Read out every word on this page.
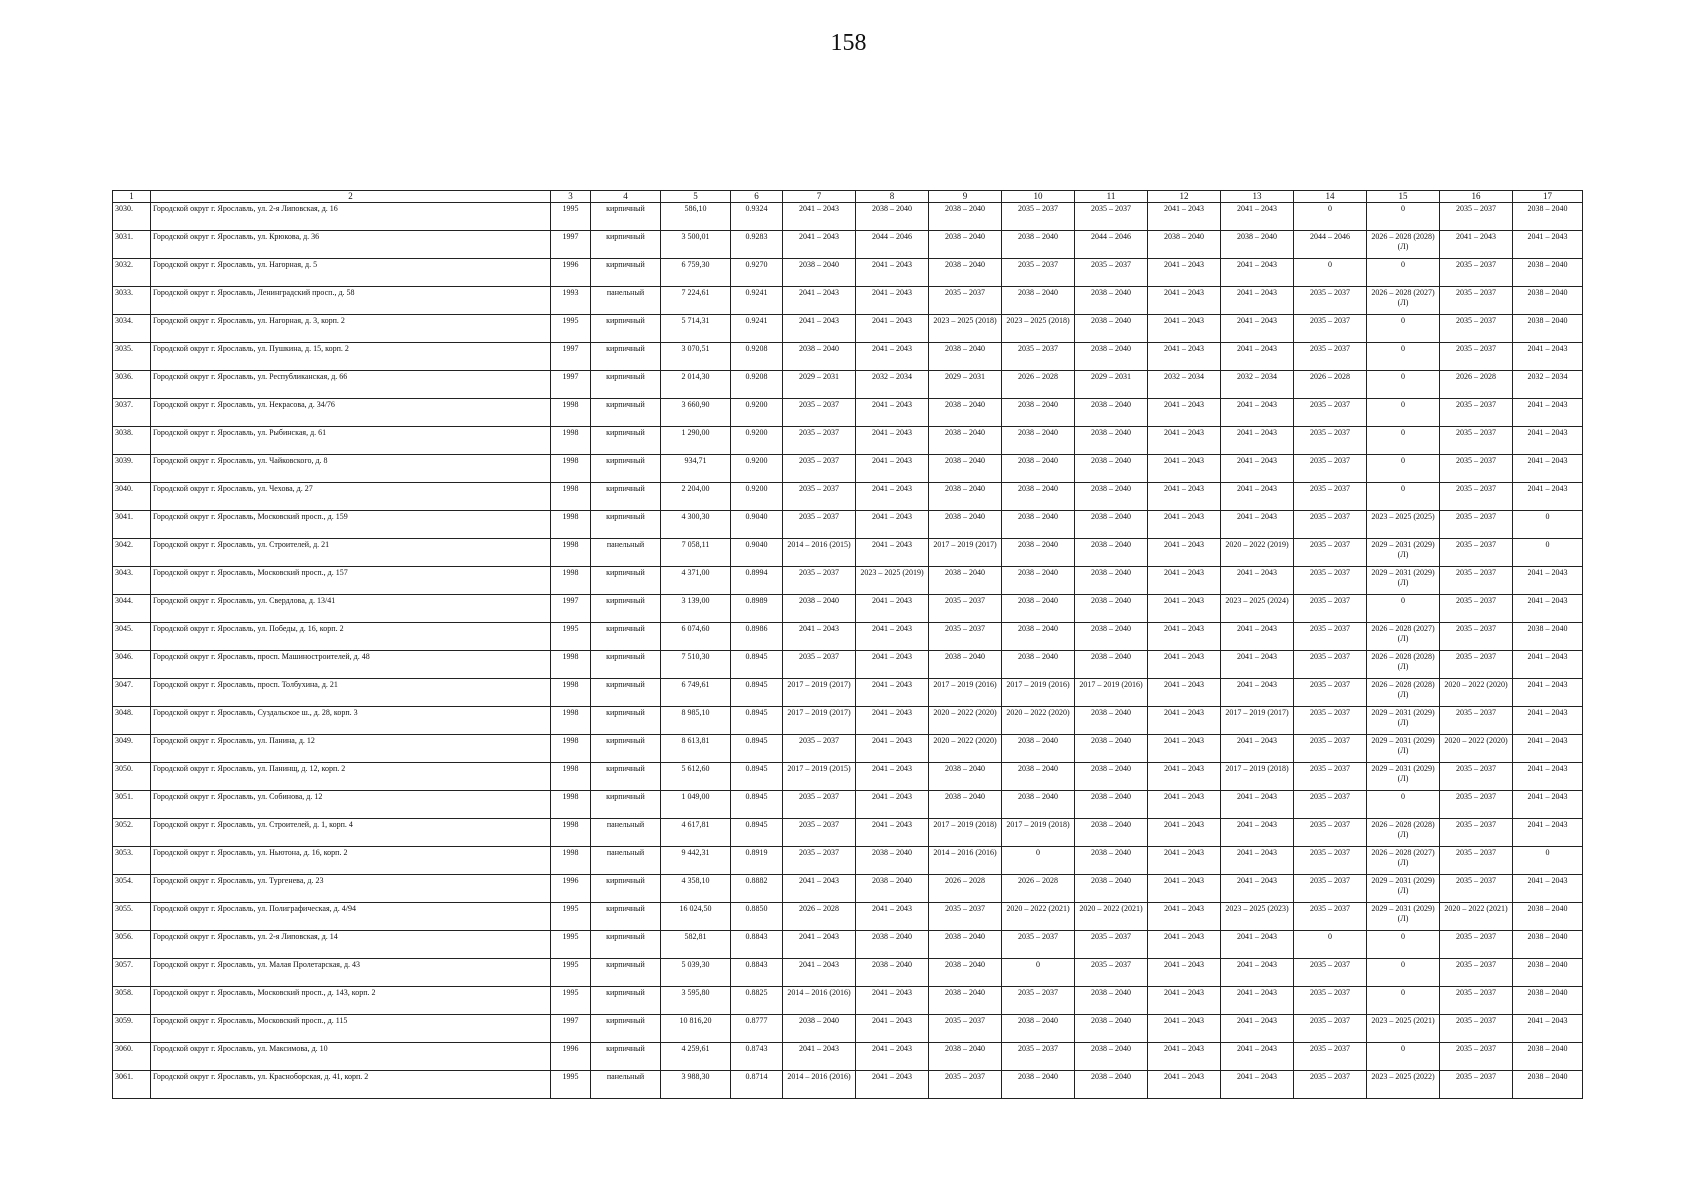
158
1	2	3	4	5	6	7	8	9	10	11	12	13	14	15	16	17
3030.	Городской округ г. Ярославль, ул. 2-я Липовская, д. 16	1995	кирпичный	586,10	0.9324	2041 – 2043	2038 – 2040	2038 – 2040	2035 – 2037	2035 – 2037	2041 – 2043	2041 – 2043	0	0	2035 – 2037	2038 – 2040
3031.	Городской округ г. Ярославль, ул. Крюкова, д. 36	1997	кирпичный	3 500,01	0.9283	2041 – 2043	2044 – 2046	2038 – 2040	2038 – 2040	2044 – 2046	2038 – 2040	2038 – 2040	2044 – 2046	2026 – 2028 (2028) (Л)	2041 – 2043	2041 – 2043
3032.	Городской округ г. Ярославль, ул. Нагорная, д. 5	1996	кирпичный	6 759,30	0.9270	2038 – 2040	2041 – 2043	2038 – 2040	2035 – 2037	2035 – 2037	2041 – 2043	2041 – 2043	0	0	2035 – 2037	2038 – 2040
3033.	Городской округ г. Ярославль, Ленинградский просп., д. 58	1993	панельный	7 224,61	0.9241	2041 – 2043	2041 – 2043	2035 – 2037	2038 – 2040	2038 – 2040	2041 – 2043	2041 – 2043	2035 – 2037	2026 – 2028 (2027) (Л)	2035 – 2037	2038 – 2040
3034.	Городской округ г. Ярославль, ул. Нагорная, д. 3, корп. 2	1995	кирпичный	5 714,31	0.9241	2041 – 2043	2041 – 2043	2023 – 2025 (2018)	2023 – 2025 (2018)	2038 – 2040	2041 – 2043	2041 – 2043	2035 – 2037	0	2035 – 2037	2038 – 2040
3035.	Городской округ г. Ярославль, ул. Пушкина, д. 15, корп. 2	1997	кирпичный	3 070,51	0.9208	2038 – 2040	2041 – 2043	2038 – 2040	2035 – 2037	2038 – 2040	2041 – 2043	2041 – 2043	2035 – 2037	0	2035 – 2037	2041 – 2043
3036.	Городской округ г. Ярославль, ул. Республиканская, д. 66	1997	кирпичный	2 014,30	0.9208	2029 – 2031	2032 – 2034	2029 – 2031	2026 – 2028	2029 – 2031	2032 – 2034	2032 – 2034	2026 – 2028	0	2026 – 2028	2032 – 2034
3037.	Городской округ г. Ярославль, ул. Некрасова, д. 34/76	1998	кирпичный	3 660,90	0.9200	2035 – 2037	2041 – 2043	2038 – 2040	2038 – 2040	2038 – 2040	2041 – 2043	2041 – 2043	2035 – 2037	0	2035 – 2037	2041 – 2043
3038.	Городской округ г. Ярославль, ул. Рыбинская, д. 61	1998	кирпичный	1 290,00	0.9200	2035 – 2037	2041 – 2043	2038 – 2040	2038 – 2040	2038 – 2040	2041 – 2043	2041 – 2043	2035 – 2037	0	2035 – 2037	2041 – 2043
3039.	Городской округ г. Ярославль, ул. Чайковского, д. 8	1998	кирпичный	934,71	0.9200	2035 – 2037	2041 – 2043	2038 – 2040	2038 – 2040	2038 – 2040	2041 – 2043	2041 – 2043	2035 – 2037	0	2035 – 2037	2041 – 2043
3040.	Городской округ г. Ярославль, ул. Чехова, д. 27	1998	кирпичный	2 204,00	0.9200	2035 – 2037	2041 – 2043	2038 – 2040	2038 – 2040	2038 – 2040	2041 – 2043	2041 – 2043	2035 – 2037	0	2035 – 2037	2041 – 2043
3041.	Городской округ г. Ярославль, Московский просп., д. 159	1998	кирпичный	4 300,30	0.9040	2035 – 2037	2041 – 2043	2038 – 2040	2038 – 2040	2038 – 2040	2041 – 2043	2041 – 2043	2035 – 2037	2023 – 2025 (2025)	2035 – 2037	0
3042.	Городской округ г. Ярославль, ул. Строителей, д. 21	1998	панельный	7 058,11	0.9040	2014 – 2016 (2015)	2041 – 2043	2017 – 2019 (2017)	2038 – 2040	2038 – 2040	2041 – 2043	2020 – 2022 (2019)	2035 – 2037	2029 – 2031 (2029) (Л)	2035 – 2037	0
3043.	Городской округ г. Ярославль, Московский просп., д. 157	1998	кирпичный	4 371,00	0.8994	2035 – 2037	2023 – 2025 (2019)	2038 – 2040	2038 – 2040	2038 – 2040	2041 – 2043	2041 – 2043	2035 – 2037	2029 – 2031 (2029) (Л)	2035 – 2037	2041 – 2043
3044.	Городской округ г. Ярославль, ул. Свердлова, д. 13/41	1997	кирпичный	3 139,00	0.8989	2038 – 2040	2041 – 2043	2035 – 2037	2038 – 2040	2038 – 2040	2041 – 2043	2023 – 2025 (2024)	2035 – 2037	0	2035 – 2037	2041 – 2043
3045.	Городской округ г. Ярославль, ул. Победы, д. 16, корп. 2	1995	кирпичный	6 074,60	0.8986	2041 – 2043	2041 – 2043	2035 – 2037	2038 – 2040	2038 – 2040	2041 – 2043	2041 – 2043	2035 – 2037	2026 – 2028 (2027) (Л)	2035 – 2037	2038 – 2040
3046.	Городской округ г. Ярославль, просп. Машиностроителей, д. 48	1998	кирпичный	7 510,30	0.8945	2035 – 2037	2041 – 2043	2038 – 2040	2038 – 2040	2038 – 2040	2041 – 2043	2041 – 2043	2035 – 2037	2026 – 2028 (2028) (Л)	2035 – 2037	2041 – 2043
3047.	Городской округ г. Ярославль, просп. Толбухина, д. 21	1998	кирпичный	6 749,61	0.8945	2017 – 2019 (2017)	2041 – 2043	2017 – 2019 (2016)	2017 – 2019 (2016)	2017 – 2019 (2016)	2041 – 2043	2041 – 2043	2035 – 2037	2026 – 2028 (2028) (Л)	2020 – 2022 (2020)	2041 – 2043
3048.	Городской округ г. Ярославль, Суздальское ш., д. 28, корп. 3	1998	кирпичный	8 985,10	0.8945	2017 – 2019 (2017)	2041 – 2043	2020 – 2022 (2020)	2020 – 2022 (2020)	2038 – 2040	2041 – 2043	2017 – 2019 (2017)	2035 – 2037	2029 – 2031 (2029) (Л)	2035 – 2037	2041 – 2043
3049.	Городской округ г. Ярославль, ул. Панина, д. 12	1998	кирпичный	8 613,81	0.8945	2035 – 2037	2041 – 2043	2020 – 2022 (2020)	2038 – 2040	2038 – 2040	2041 – 2043	2041 – 2043	2035 – 2037	2029 – 2031 (2029) (Л)	2020 – 2022 (2020)	2041 – 2043
3050.	Городской округ г. Ярославль, ул. Панинщ, д. 12, корп. 2	1998	кирпичный	5 612,60	0.8945	2017 – 2019 (2015)	2041 – 2043	2038 – 2040	2038 – 2040	2038 – 2040	2041 – 2043	2017 – 2019 (2018)	2035 – 2037	2029 – 2031 (2029) (Л)	2035 – 2037	2041 – 2043
3051.	Городской округ г. Ярославль, ул. Собинова, д. 12	1998	кирпичный	1 049,00	0.8945	2035 – 2037	2041 – 2043	2038 – 2040	2038 – 2040	2038 – 2040	2041 – 2043	2041 – 2043	2035 – 2037	0	2035 – 2037	2041 – 2043
3052.	Городской округ г. Ярославль, ул. Строителей, д. 1, корп. 4	1998	панельный	4 617,81	0.8945	2035 – 2037	2041 – 2043	2017 – 2019 (2018)	2017 – 2019 (2018)	2038 – 2040	2041 – 2043	2041 – 2043	2035 – 2037	2026 – 2028 (2028) (Л)	2035 – 2037	2041 – 2043
3053.	Городской округ г. Ярославль, ул. Ньютона, д. 16, корп. 2	1998	панельный	9 442,31	0.8919	2035 – 2037	2038 – 2040	2014 – 2016 (2016)	0	2038 – 2040	2041 – 2043	2041 – 2043	2035 – 2037	2026 – 2028 (2027) (Л)	2035 – 2037	0
3054.	Городской округ г. Ярославль, ул. Тургенева, д. 23	1996	кирпичный	4 358,10	0.8882	2041 – 2043	2038 – 2040	2026 – 2028	2026 – 2028	2038 – 2040	2041 – 2043	2041 – 2043	2035 – 2037	2029 – 2031 (2029) (Л)	2035 – 2037	2041 – 2043
3055.	Городской округ г. Ярославль, ул. Полиграфическая, д. 4/94	1995	кирпичный	16 024,50	0.8850	2026 – 2028	2041 – 2043	2035 – 2037	2020 – 2022 (2021)	2020 – 2022 (2021)	2041 – 2043	2023 – 2025 (2023)	2035 – 2037	2029 – 2031 (2029) (Л)	2020 – 2022 (2021)	2038 – 2040
3056.	Городской округ г. Ярославль, ул. 2-я Липовская, д. 14	1995	кирпичный	582,81	0.8843	2041 – 2043	2038 – 2040	2038 – 2040	2035 – 2037	2035 – 2037	2041 – 2043	2041 – 2043	0	0	2035 – 2037	2038 – 2040
3057.	Городской округ г. Ярославль, ул. Малая Пролетарская, д. 43	1995	кирпичный	5 039,30	0.8843	2041 – 2043	2038 – 2040	2038 – 2040	0	2035 – 2037	2041 – 2043	2041 – 2043	2035 – 2037	0	2035 – 2037	2038 – 2040
3058.	Городской округ г. Ярославль, Московский просп., д. 143, корп. 2	1995	кирпичный	3 595,80	0.8825	2014 – 2016 (2016)	2041 – 2043	2038 – 2040	2035 – 2037	2038 – 2040	2041 – 2043	2041 – 2043	2035 – 2037	0	2035 – 2037	2038 – 2040
3059.	Городской округ г. Ярославль, Московский просп., д. 115	1997	кирпичный	10 816,20	0.8777	2038 – 2040	2041 – 2043	2035 – 2037	2038 – 2040	2038 – 2040	2041 – 2043	2041 – 2043	2035 – 2037	2023 – 2025 (2021)	2035 – 2037	2041 – 2043
3060.	Городской округ г. Ярославль, ул. Максимова, д. 10	1996	кирпичный	4 259,61	0.8743	2041 – 2043	2041 – 2043	2038 – 2040	2035 – 2037	2038 – 2040	2041 – 2043	2041 – 2043	2035 – 2037	0	2035 – 2037	2038 – 2040
3061.	Городской округ г. Ярославль, ул. Красноборская, д. 41, корп. 2	1995	панельный	3 988,30	0.8714	2014 – 2016 (2016)	2041 – 2043	2035 – 2037	2038 – 2040	2038 – 2040	2041 – 2043	2041 – 2043	2035 – 2037	2023 – 2025 (2022)	2035 – 2037	2038 – 2040
